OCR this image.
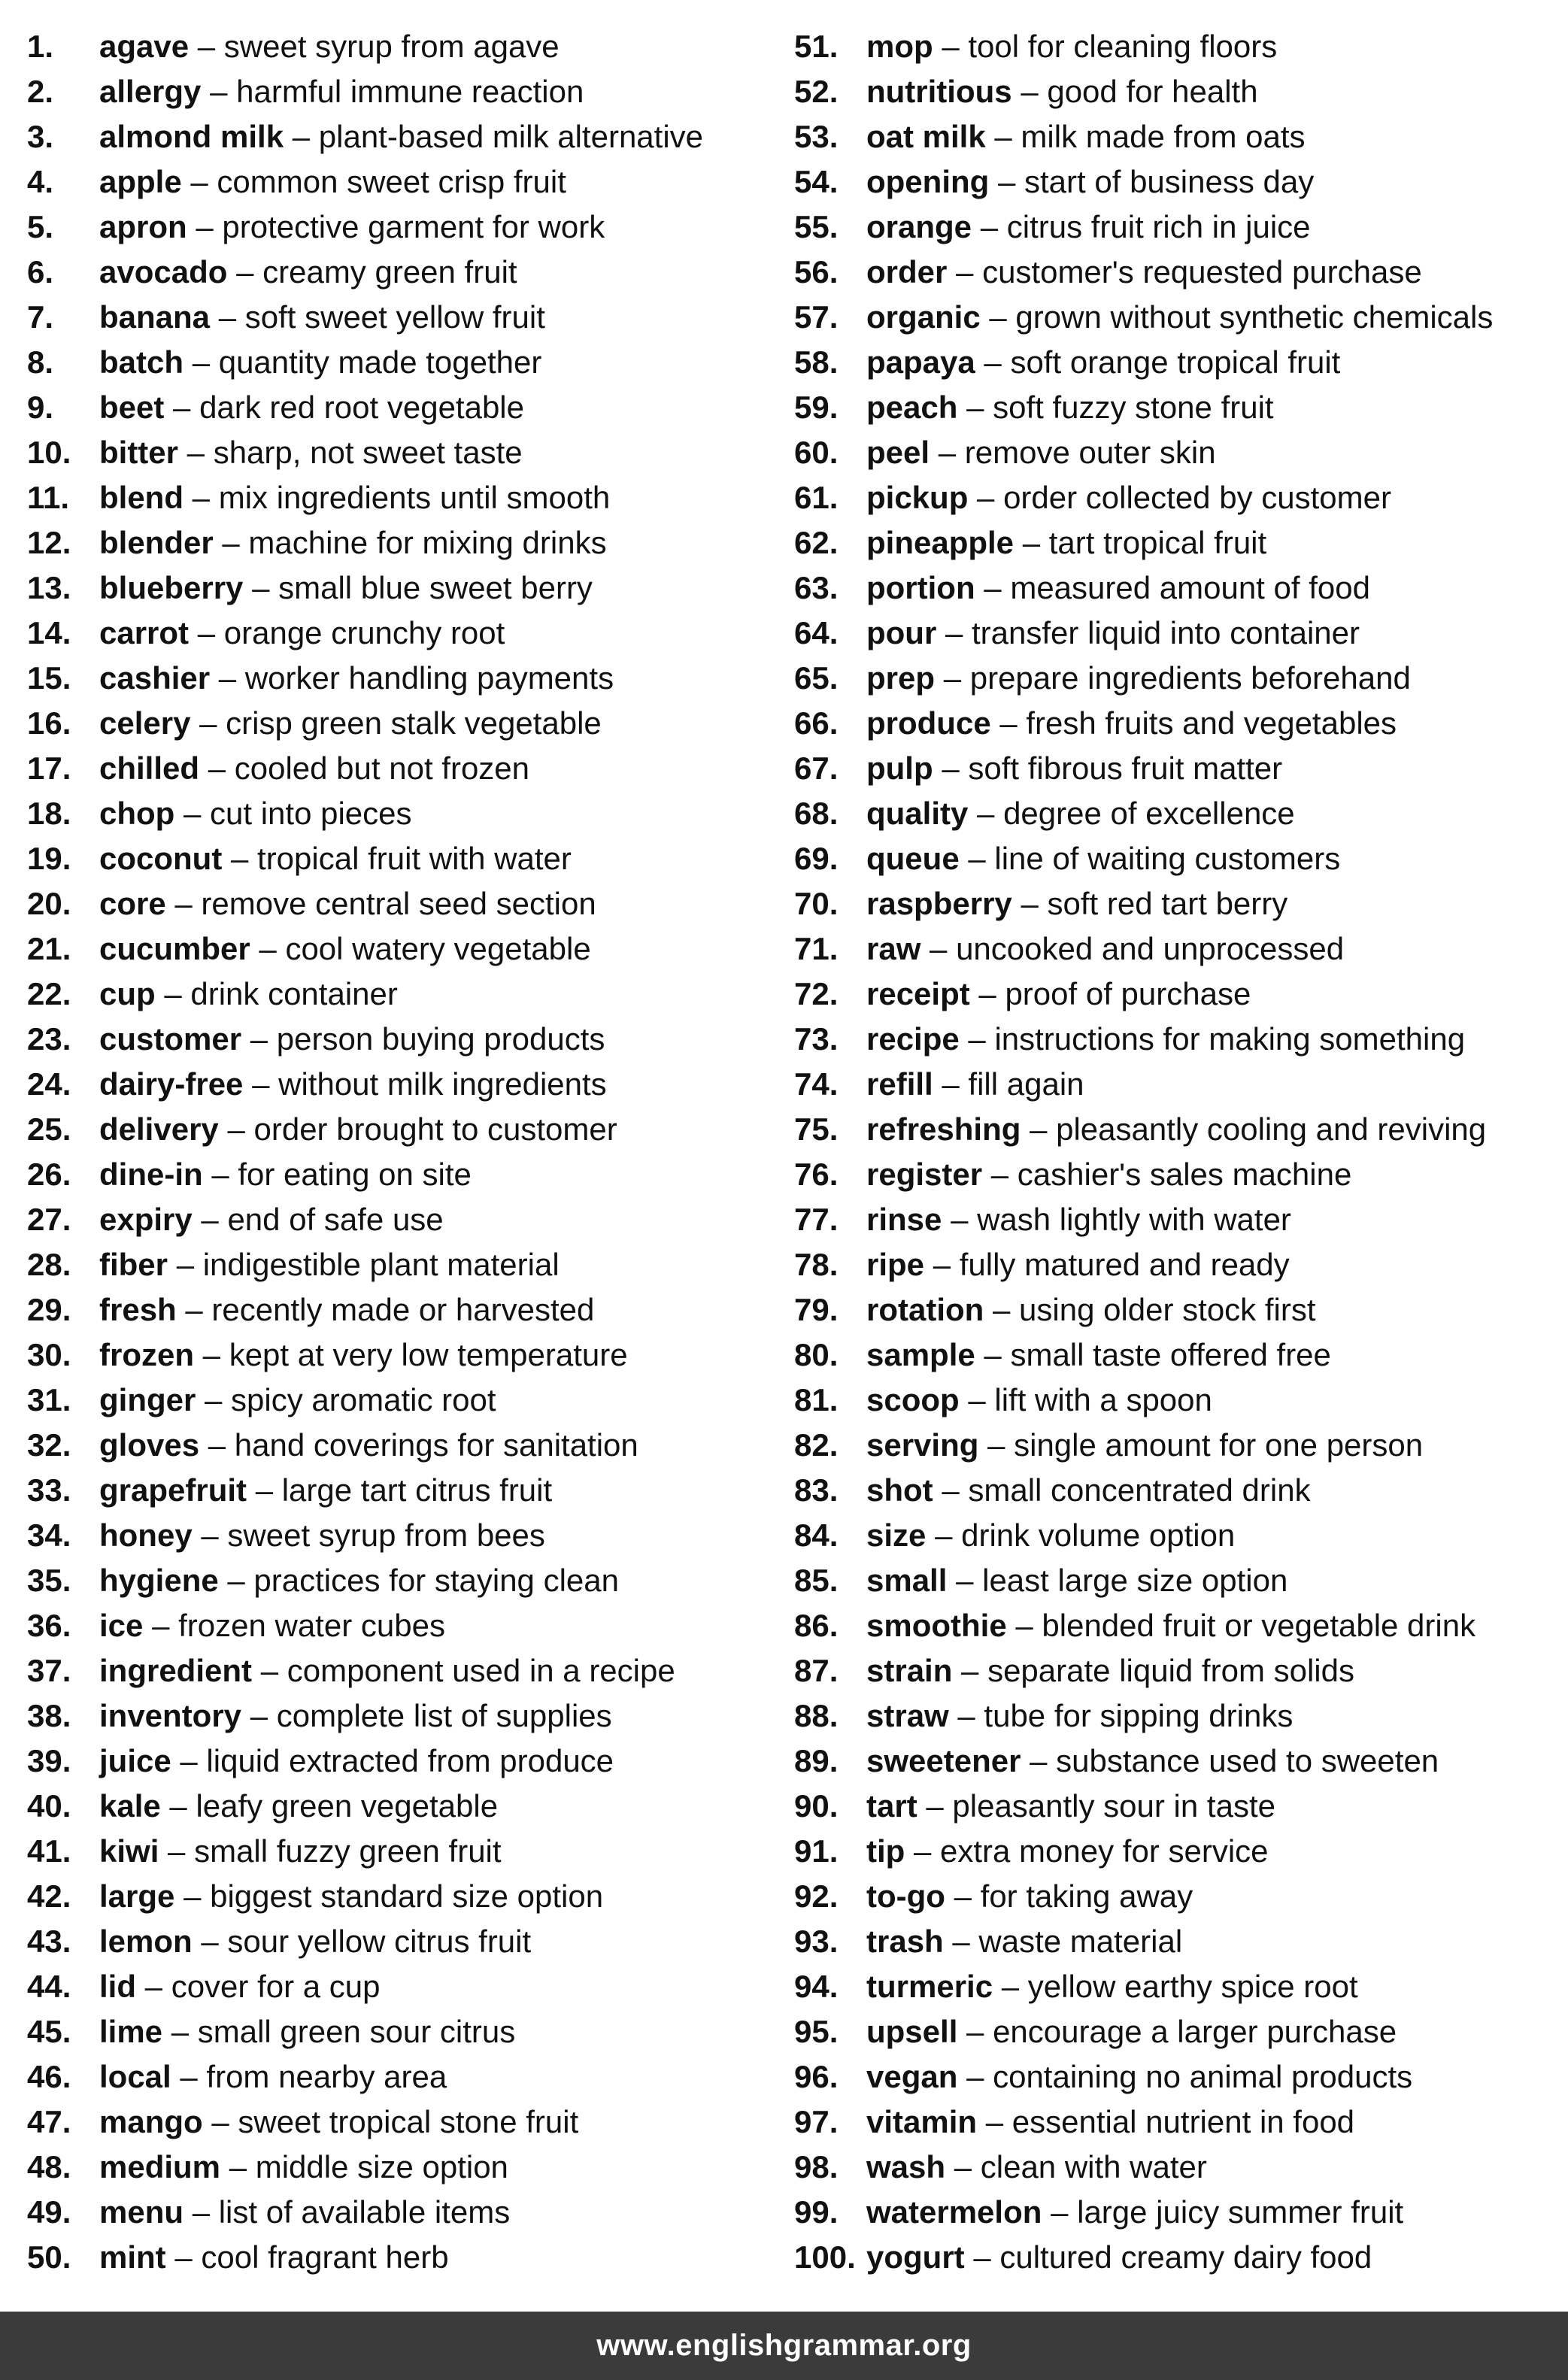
1. agave – sweet syrup from agave
2. allergy – harmful immune reaction
3. almond milk – plant-based milk alternative
4. apple – common sweet crisp fruit
5. apron – protective garment for work
6. avocado – creamy green fruit
7. banana – soft sweet yellow fruit
8. batch – quantity made together
9. beet – dark red root vegetable
10. bitter – sharp, not sweet taste
11. blend – mix ingredients until smooth
12. blender – machine for mixing drinks
13. blueberry – small blue sweet berry
14. carrot – orange crunchy root
15. cashier – worker handling payments
16. celery – crisp green stalk vegetable
17. chilled – cooled but not frozen
18. chop – cut into pieces
19. coconut – tropical fruit with water
20. core – remove central seed section
21. cucumber – cool watery vegetable
22. cup – drink container
23. customer – person buying products
24. dairy-free – without milk ingredients
25. delivery – order brought to customer
26. dine-in – for eating on site
27. expiry – end of safe use
28. fiber – indigestible plant material
29. fresh – recently made or harvested
30. frozen – kept at very low temperature
31. ginger – spicy aromatic root
32. gloves – hand coverings for sanitation
33. grapefruit – large tart citrus fruit
34. honey – sweet syrup from bees
35. hygiene – practices for staying clean
36. ice – frozen water cubes
37. ingredient – component used in a recipe
38. inventory – complete list of supplies
39. juice – liquid extracted from produce
40. kale – leafy green vegetable
41. kiwi – small fuzzy green fruit
42. large – biggest standard size option
43. lemon – sour yellow citrus fruit
44. lid – cover for a cup
45. lime – small green sour citrus
46. local – from nearby area
47. mango – sweet tropical stone fruit
48. medium – middle size option
49. menu – list of available items
50. mint – cool fragrant herb
51. mop – tool for cleaning floors
52. nutritious – good for health
53. oat milk – milk made from oats
54. opening – start of business day
55. orange – citrus fruit rich in juice
56. order – customer's requested purchase
57. organic – grown without synthetic chemicals
58. papaya – soft orange tropical fruit
59. peach – soft fuzzy stone fruit
60. peel – remove outer skin
61. pickup – order collected by customer
62. pineapple – tart tropical fruit
63. portion – measured amount of food
64. pour – transfer liquid into container
65. prep – prepare ingredients beforehand
66. produce – fresh fruits and vegetables
67. pulp – soft fibrous fruit matter
68. quality – degree of excellence
69. queue – line of waiting customers
70. raspberry – soft red tart berry
71. raw – uncooked and unprocessed
72. receipt – proof of purchase
73. recipe – instructions for making something
74. refill – fill again
75. refreshing – pleasantly cooling and reviving
76. register – cashier's sales machine
77. rinse – wash lightly with water
78. ripe – fully matured and ready
79. rotation – using older stock first
80. sample – small taste offered free
81. scoop – lift with a spoon
82. serving – single amount for one person
83. shot – small concentrated drink
84. size – drink volume option
85. small – least large size option
86. smoothie – blended fruit or vegetable drink
87. strain – separate liquid from solids
88. straw – tube for sipping drinks
89. sweetener – substance used to sweeten
90. tart – pleasantly sour in taste
91. tip – extra money for service
92. to-go – for taking away
93. trash – waste material
94. turmeric – yellow earthy spice root
95. upsell – encourage a larger purchase
96. vegan – containing no animal products
97. vitamin – essential nutrient in food
98. wash – clean with water
99. watermelon – large juicy summer fruit
100. yogurt – cultured creamy dairy food
www.englishgrammar.org
